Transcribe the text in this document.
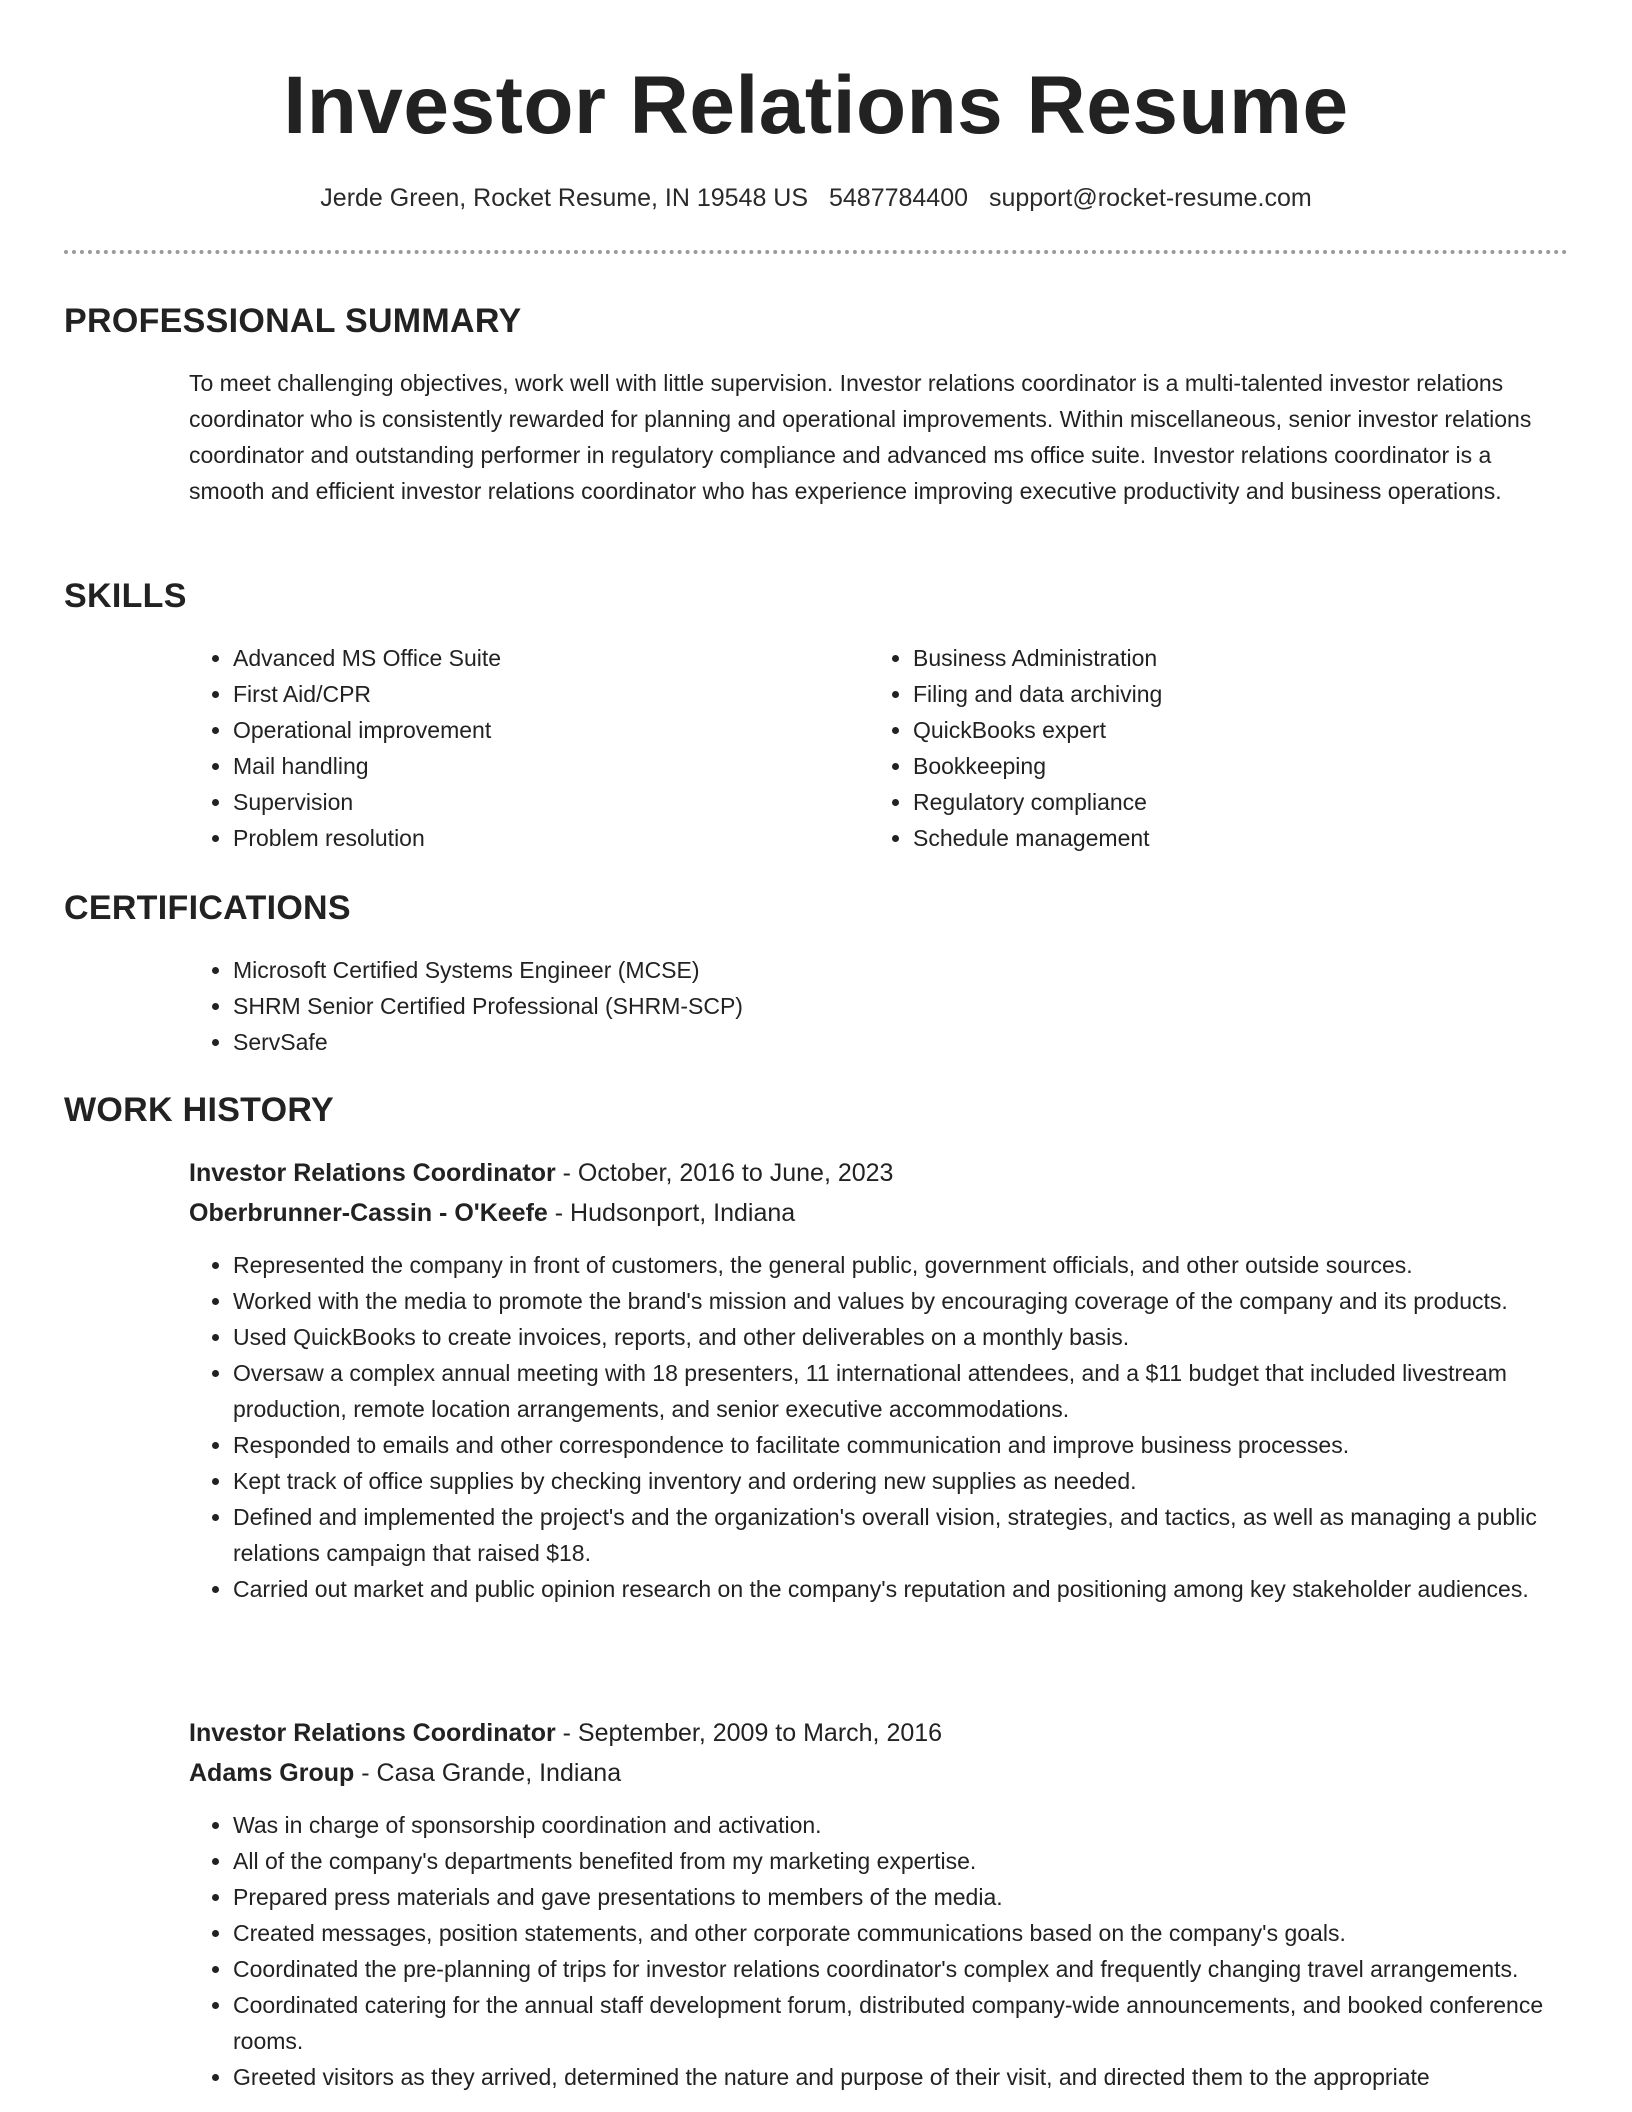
Investor Relations Resume
Jerde Green, Rocket Resume, IN 19548 US 5487784400 support@rocket-resume.com
PROFESSIONAL SUMMARY

To meet challenging objectives, work well with little supervision. Investor relations coordinator is a multi-talented investor relations coordinator who is consistently rewarded for planning and operational improvements. Within miscellaneous, senior investor relations coordinator and outstanding performer in regulatory compliance and advanced ms office suite. Investor relations coordinator is a smooth and efficient investor relations coordinator who has experience improving executive productivity and business operations.

SKILLS
• Advanced MS Office Suite
• First Aid/CPR
• Operational improvement
• Mail handling
• Supervision
• Problem resolution
• Business Administration
• Filing and data archiving
• QuickBooks expert
• Bookkeeping
• Regulatory compliance
• Schedule management
CERTIFICATIONS
• Microsoft Certified Systems Engineer (MCSE)
• SHRM Senior Certified Professional (SHRM-SCP)
• ServSafe
WORK HISTORY
Investor Relations Coordinator - October, 2016 to June, 2023
Oberbrunner-Cassin - O'Keefe - Hudsonport, Indiana
• Represented the company in front of customers, the general public, government officials, and other outside sources.
• Worked with the media to promote the brand's mission and values by encouraging coverage of the company and its products.
• Used QuickBooks to create invoices, reports, and other deliverables on a monthly basis.
• Oversaw a complex annual meeting with 18 presenters, 11 international attendees, and a $11 budget that included livestream production, remote location arrangements, and senior executive accommodations.
• Responded to emails and other correspondence to facilitate communication and improve business processes.
• Kept track of office supplies by checking inventory and ordering new supplies as needed.
• Defined and implemented the project's and the organization's overall vision, strategies, and tactics, as well as managing a public relations campaign that raised $18.
• Carried out market and public opinion research on the company's reputation and positioning among key stakeholder audiences.
Investor Relations Coordinator - September, 2009 to March, 2016
Adams Group - Casa Grande, Indiana
• Was in charge of sponsorship coordination and activation.
• All of the company's departments benefited from my marketing expertise.
• Prepared press materials and gave presentations to members of the media.
• Created messages, position statements, and other corporate communications based on the company's goals.
• Coordinated the pre-planning of trips for investor relations coordinator's complex and frequently changing travel arrangements.
• Coordinated catering for the annual staff development forum, distributed company-wide announcements, and booked conference rooms.
• Greeted visitors as they arrived, determined the nature and purpose of their visit, and directed them to the appropriate
